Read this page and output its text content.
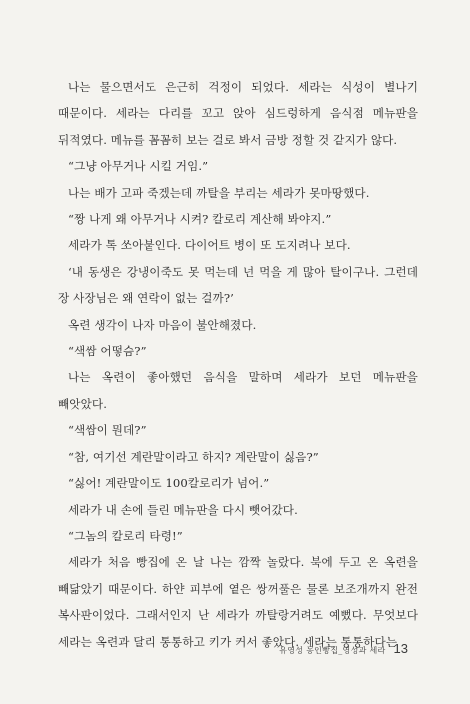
나는 물으면서도 은근히 걱정이 되었다. 세라는 식성이 별나기 때문이다. 세라는 다리를 꼬고 앉아 심드렁하게 음식점 메뉴판을 뒤적였다. 메뉴를 꼼꼼히 보는 걸로 봐서 금방 정할 것 같지가 않다.

“그냥 아무거나 시킬 거임.”

나는 배가 고파 죽겠는데 까탈을 부리는 세라가 못마땅했다.

“짱 나게 왜 아무거나 시켜? 칼로리 계산해 봐야지.”

세라가 톡 쏘아붙인다. 다이어트 병이 또 도지려나 보다.

‘내 동생은 강냉이죽도 못 먹는데 넌 먹을 게 많아 탈이구나. 그런데 장 사장님은 왜 연락이 없는 걸까?’

옥련 생각이 나자 마음이 불안해졌다.

“색쌈 어떻슴?”

나는 옥련이 좋아했던 음식을 말하며 세라가 보던 메뉴판을 빼앗았다.

“색쌈이 뭔데?”

“참, 여기선 계란말이라고 하지? 계란말이 싫음?”

“싫어! 계란말이도 100칼로리가 넘어.”

세라가 내 손에 들린 메뉴판을 다시 뺏어갔다.

“그놈의 칼로리 타령!”

세라가 처음 빵집에 온 날 나는 깜짝 놀랐다. 북에 두고 온 옥련을 빼닮았기 때문이다. 하얀 피부에 옅은 쌍꺼풀은 물론 보조개까지 완전 복사판이었다. 그래서인지 난 세라가 까탈랑거려도 예뻤다. 무엇보다 세라는 옥련과 달리 통통하고 키가 커서 좋았다. 세라는 통통하다는

유영성 동인빵집_영성과 세라 13
